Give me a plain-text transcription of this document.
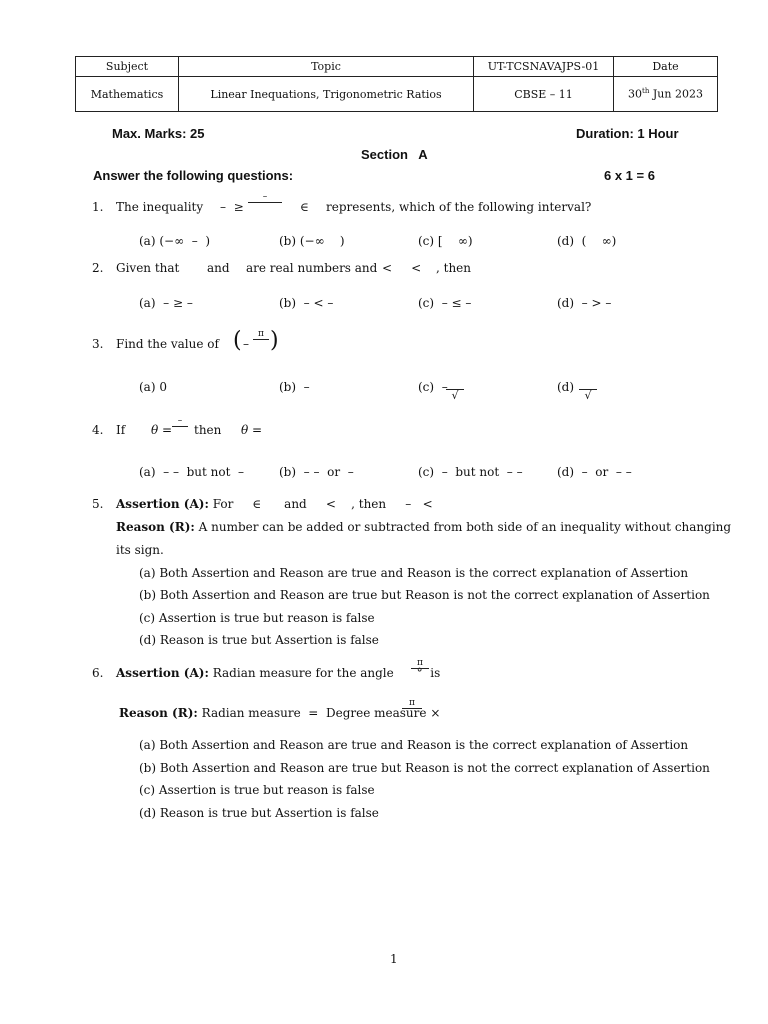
Subject	Topic	UT-TCSNAVAJPS-01	Date
Mathematics	Linear Inequations, Trigonometric Ratios	CBSE – 11	30th Jun 2023
Max. Marks: 25	Duration: 1 Hour
Section   A
Answer the following questions:	6 x 1 = 6
1. The inequality –  ≥
–

∈ represents, which of the following interval?
(a) (−∞  –  )	(b) (−∞    )	(c) [    ∞)	(d)  (    ∞)
2. Given that and are real numbers and <     < , then
(a)  – ≥ –	(b)  – < –	(c)  – ≤ –	(d)  – > –
3. Find the value of ( –
π
)
(a) 0	(b)  –	(c)  –

√
(d)

√
4. If θ =
–

then θ =
(a)  – –  but not  –	(b)  – –  or  –	(c)  –  but not  – –	(d)  –  or  – –
5. Assertion (A): For     ∈      and     <    , then     –   <
Reason (R): A number can be added or subtracted from both side of an inequality without changing
its sign.
(a) Both Assertion and Reason are true and Reason is the correct explanation of Assertion
(b) Both Assertion and Reason are true but Reason is not the correct explanation of Assertion
(c) Assertion is true but reason is false
(d) Reason is true but Assertion is false
6. Assertion (A): Radian measure for the angle      °  is
π

Reason (R): Radian measure  =  Degree measure ×
π

(a) Both Assertion and Reason are true and Reason is the correct explanation of Assertion
(b) Both Assertion and Reason are true but Reason is not the correct explanation of Assertion
(c) Assertion is true but reason is false
(d) Reason is true but Assertion is false
1
